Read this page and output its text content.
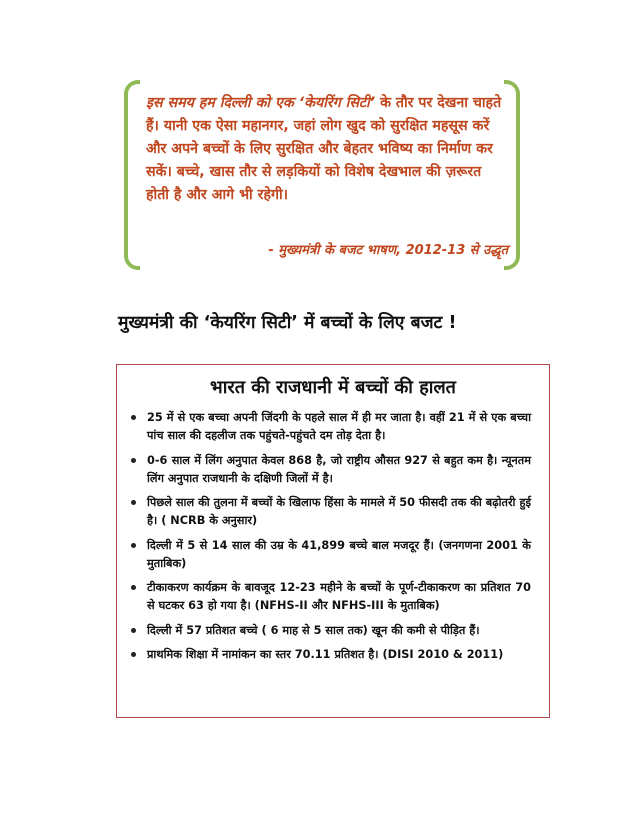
इस समय हम दिल्ली को एक ‘केयरिंग सिटी’ के तौर पर देखना चाहते हैं। यानी एक ऐसा महानगर, जहां लोग खुद को सुरक्षित महसूस करें और अपने बच्चों के लिए सुरक्षित और बेहतर भविष्य का निर्माण कर सकें। बच्चे, खास तौर से लड़कियों को विशेष देखभाल की ज़रूरत होती है और आगे भी रहेगी।
- मुख्यमंत्री के बजट भाषण, 2012-13 से उद्धृत
मुख्यमंत्री की ‘केयरिंग सिटी’ में बच्चों के लिए बजट !
भारत की राजधानी में बच्चों की हालत
25 में से एक बच्चा अपनी जिंदगी के पहले साल में ही मर जाता है। वहीं 21 में से एक बच्चा पांच साल की दहलीज तक पहुंचते-पहुंचते दम तोड़ देता है।
0-6 साल में लिंग अनुपात केवल 868 है, जो राष्ट्रीय औसत 927 से बहुत कम है। न्यूनतम लिंग अनुपात राजधानी के दक्षिणी जिलों में है।
पिछले साल की तुलना में बच्चों के खिलाफ हिंसा के मामले में 50 फीसदी तक की बढ़ोतरी हुई है। ( NCRB के अनुसार)
दिल्ली में 5 से 14 साल की उम्र के 41,899 बच्चे बाल मजदूर हैं। (जनगणना 2001 के मुताबिक)
टीकाकरण कार्यक्रम के बावजूद 12-23 महीने के बच्चों के पूर्ण-टीकाकरण का प्रतिशत 70 से घटकर 63 हो गया है। (NFHS-II और NFHS-III के मुताबिक)
दिल्ली में 57 प्रतिशत बच्चे ( 6 माह से 5 साल तक) खून की कमी से पीड़ित हैं।
प्राथमिक शिक्षा में नामांकन का स्तर 70.11 प्रतिशत है। (DISI 2010 & 2011)
